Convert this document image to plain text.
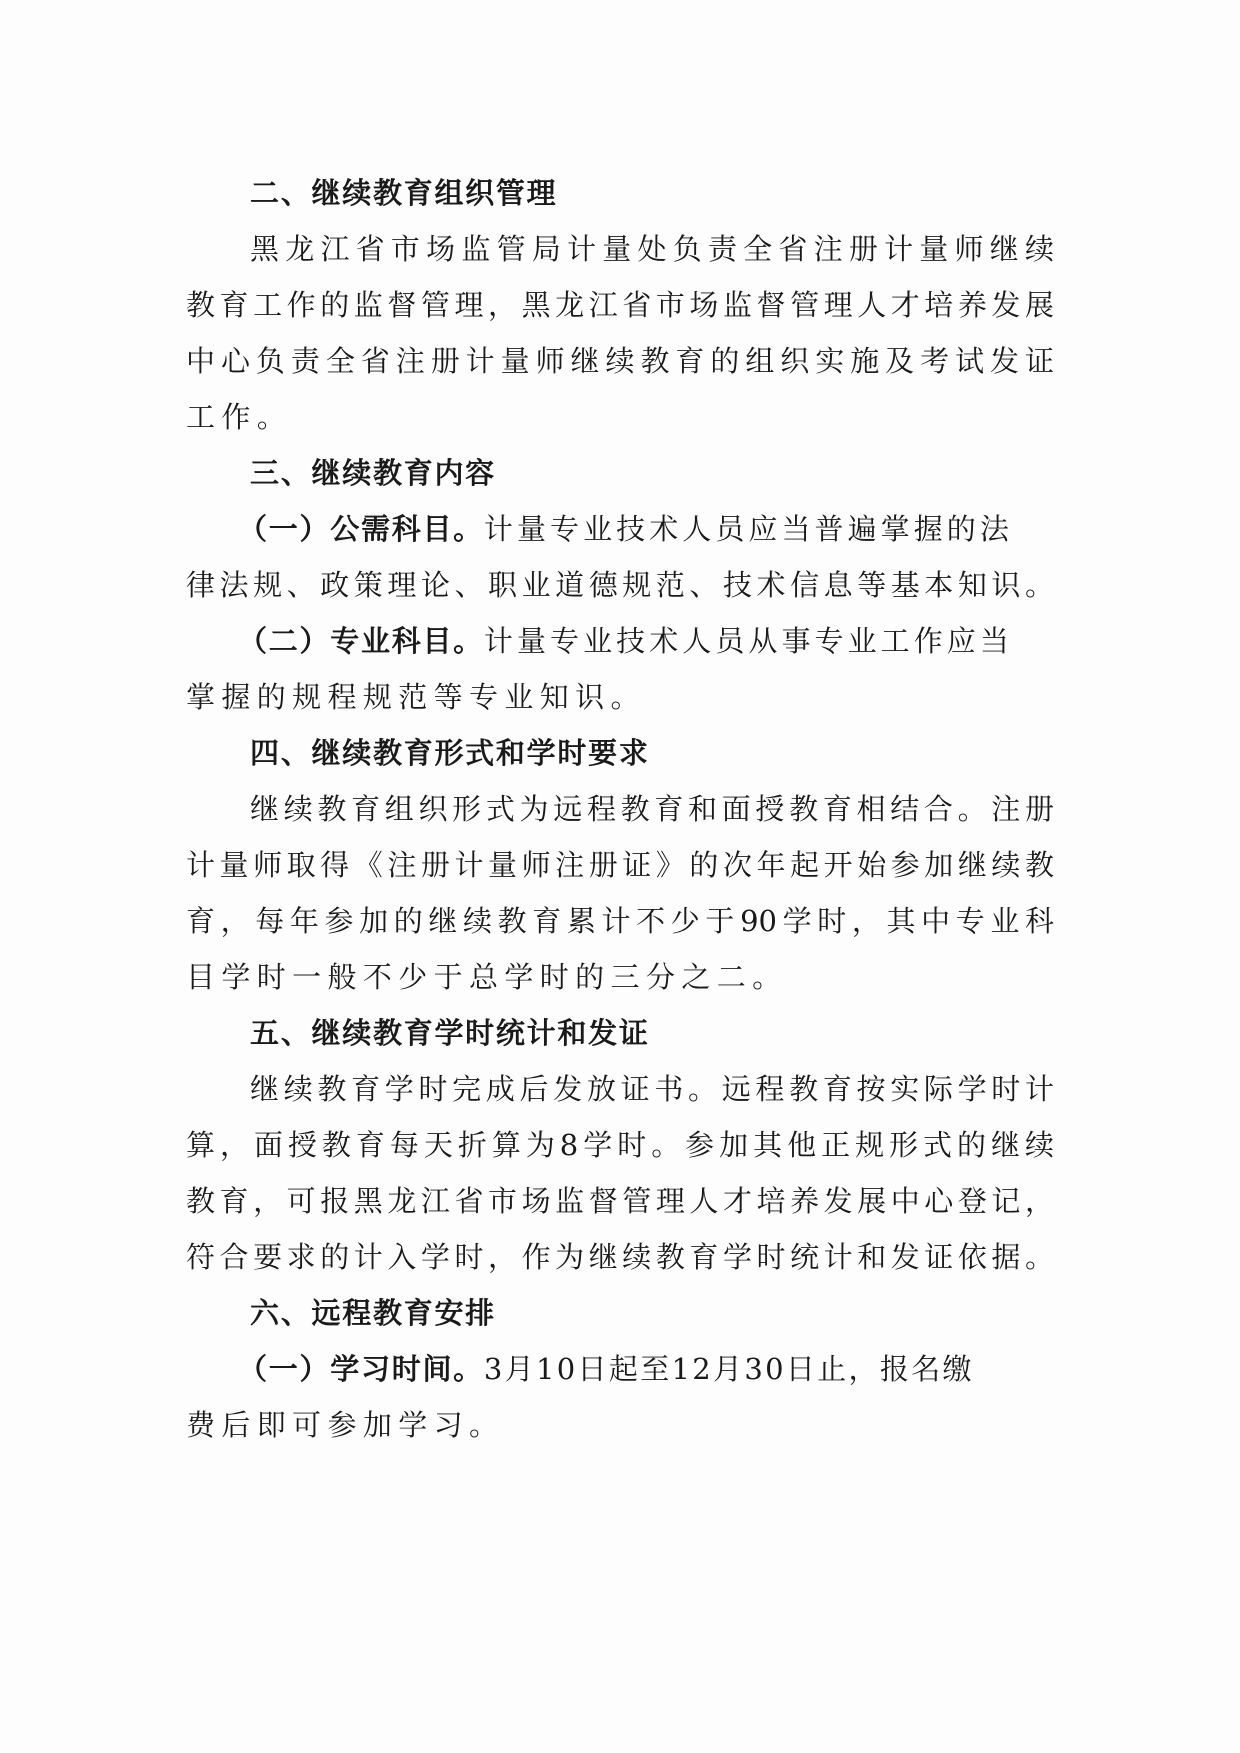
二、继续教育组织管理
黑龙江省市场监管局计量处负责全省注册计量师继续
教育工作的监督管理，黑龙江省市场监督管理人才培养发展
中心负责全省注册计量师继续教育的组织实施及考试发证
工作。
三、继续教育内容
（一）公需科目。计量专业技术人员应当普遍掌握的法
律法规、政策理论、职业道德规范、技术信息等基本知识。
（二）专业科目。计量专业技术人员从事专业工作应当
掌握的规程规范等专业知识。
四、继续教育形式和学时要求
继续教育组织形式为远程教育和面授教育相结合。注册
计量师取得《注册计量师注册证》的次年起开始参加继续教
育，每年参加的继续教育累计不少于90学时，其中专业科
目学时一般不少于总学时的三分之二。
五、继续教育学时统计和发证
继续教育学时完成后发放证书。远程教育按实际学时计
算，面授教育每天折算为8学时。参加其他正规形式的继续
教育，可报黑龙江省市场监督管理人才培养发展中心登记，
符合要求的计入学时，作为继续教育学时统计和发证依据。
六、远程教育安排
（一）学习时间。3月10日起至12月30日止，报名缴
费后即可参加学习。
